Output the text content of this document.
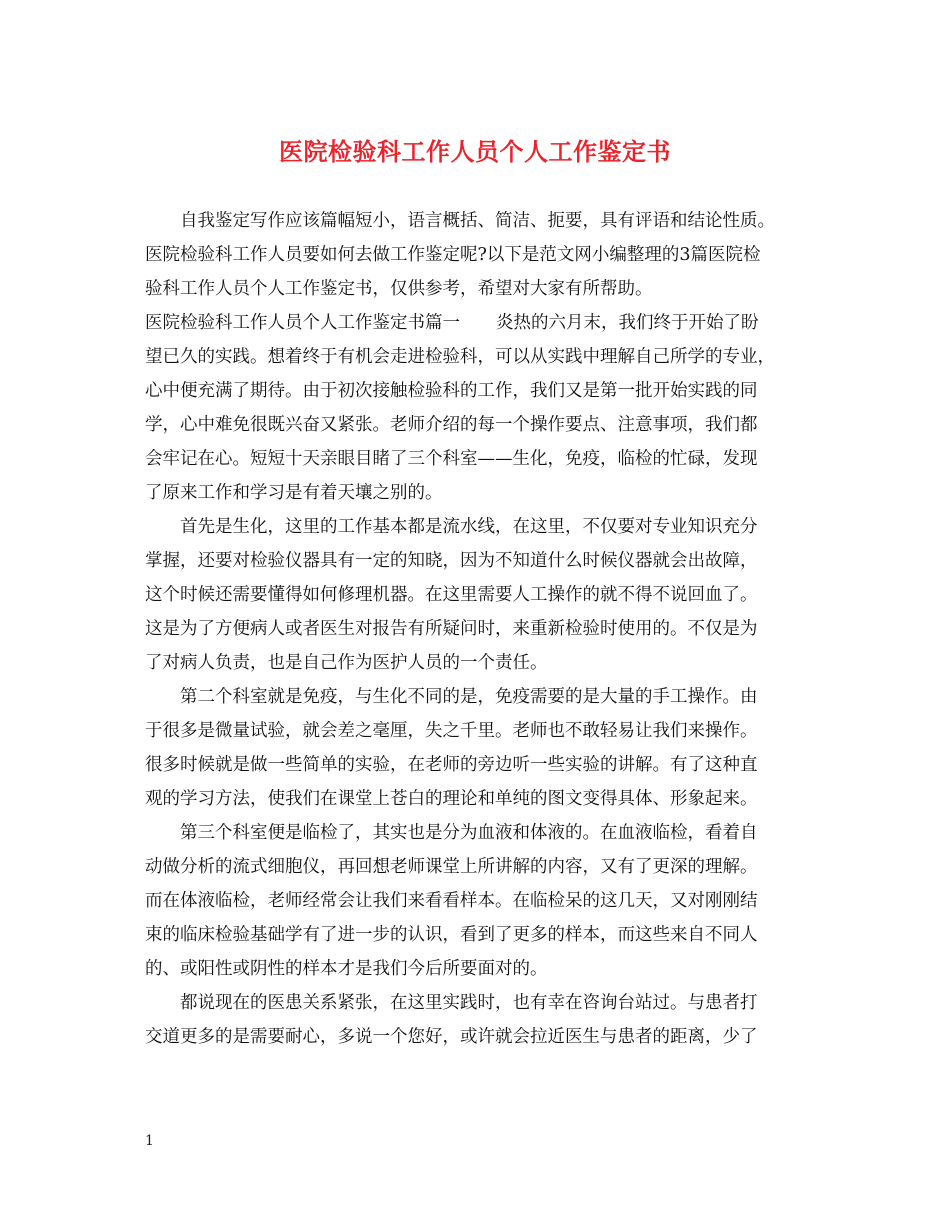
医院检验科工作人员个人工作鉴定书
自我鉴定写作应该篇幅短小，语言概括、简洁、扼要，具有评语和结论性质。
医院检验科工作人员要如何去做工作鉴定呢?以下是范文网小编整理的3篇医院检
验科工作人员个人工作鉴定书，仅供参考，希望对大家有所帮助。
医院检验科工作人员个人工作鉴定书篇一 炎热的六月末，我们终于开始了盼
望已久的实践。想着终于有机会走进检验科，可以从实践中理解自己所学的专业，
心中便充满了期待。由于初次接触检验科的工作，我们又是第一批开始实践的同
学，心中难免很既兴奋又紧张。老师介绍的每一个操作要点、注意事项，我们都
会牢记在心。短短十天亲眼目睹了三个科室——生化，免疫，临检的忙碌，发现
了原来工作和学习是有着天壤之别的。
首先是生化，这里的工作基本都是流水线，在这里，不仅要对专业知识充分
掌握，还要对检验仪器具有一定的知晓，因为不知道什么时候仪器就会出故障，
这个时候还需要懂得如何修理机器。在这里需要人工操作的就不得不说回血了。
这是为了方便病人或者医生对报告有所疑问时，来重新检验时使用的。不仅是为
了对病人负责，也是自己作为医护人员的一个责任。
第二个科室就是免疫，与生化不同的是，免疫需要的是大量的手工操作。由
于很多是微量试验，就会差之毫厘，失之千里。老师也不敢轻易让我们来操作。
很多时候就是做一些简单的实验，在老师的旁边听一些实验的讲解。有了这种直
观的学习方法，使我们在课堂上苍白的理论和单纯的图文变得具体、形象起来。
第三个科室便是临检了，其实也是分为血液和体液的。在血液临检，看着自
动做分析的流式细胞仪，再回想老师课堂上所讲解的内容，又有了更深的理解。
而在体液临检，老师经常会让我们来看看样本。在临检呆的这几天，又对刚刚结
束的临床检验基础学有了进一步的认识，看到了更多的样本，而这些来自不同人
的、或阳性或阴性的样本才是我们今后所要面对的。
都说现在的医患关系紧张，在这里实践时，也有幸在咨询台站过。与患者打
交道更多的是需要耐心，多说一个您好，或许就会拉近医生与患者的距离，少了
1
